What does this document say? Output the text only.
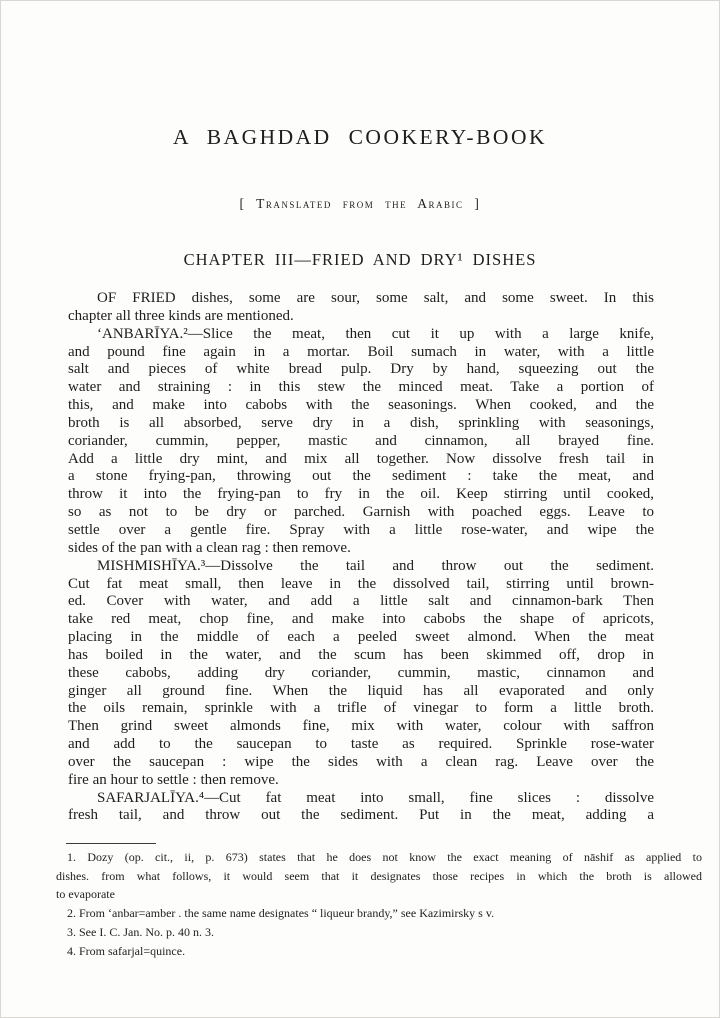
A BAGHDAD COOKERY-BOOK
[ Translated from the Arabic ]
CHAPTER III—FRIED AND DRY¹ DISHES
OF FRIED dishes, some are sour, some salt, and some sweet. In this
chapter all three kinds are mentioned.
‘ANBARĪYA.²—Slice the meat, then cut it up with a large knife,
and pound fine again in a mortar. Boil sumach in water, with a little
salt and pieces of white bread pulp. Dry by hand, squeezing out the
water and straining : in this stew the minced meat. Take a portion of
this, and make into cabobs with the seasonings. When cooked, and the
broth is all absorbed, serve dry in a dish, sprinkling with seasonings,
coriander, cummin, pepper, mastic and cinnamon, all brayed fine.
Add a little dry mint, and mix all together. Now dissolve fresh tail in
a stone frying-pan, throwing out the sediment : take the meat, and
throw it into the frying-pan to fry in the oil. Keep stirring until cooked,
so as not to be dry or parched. Garnish with poached eggs. Leave to
settle over a gentle fire. Spray with a little rose-water, and wipe the
sides of the pan with a clean rag : then remove.
MISHMISHĪYA.³—Dissolve the tail and throw out the sediment.
Cut fat meat small, then leave in the dissolved tail, stirring until brown-
ed. Cover with water, and add a little salt and cinnamon-bark Then
take red meat, chop fine, and make into cabobs the shape of apricots,
placing in the middle of each a peeled sweet almond. When the meat
has boiled in the water, and the scum has been skimmed off, drop in
these cabobs, adding dry coriander, cummin, mastic, cinnamon and
ginger all ground fine. When the liquid has all evaporated and only
the oils remain, sprinkle with a trifle of vinegar to form a little broth.
Then grind sweet almonds fine, mix with water, colour with saffron
and add to the saucepan to taste as required. Sprinkle rose-water
over the saucepan : wipe the sides with a clean rag. Leave over the
fire an hour to settle : then remove.
SAFARJALĪYA.⁴—Cut fat meat into small, fine slices : dissolve
fresh tail, and throw out the sediment. Put in the meat, adding a
1. Dozy (op. cit., ii, p. 673) states that he does not know the exact meaning of nāshif as applied to
dishes. from what follows, it would seem that it designates those recipes in which the broth is allowed
to evaporate
2. From ‘anbar=amber . the same name designates “ liqueur brandy,” see Kazimirsky s v.
3. See I. C. Jan. No. p. 40 n. 3.
4. From safarjal=quince.
